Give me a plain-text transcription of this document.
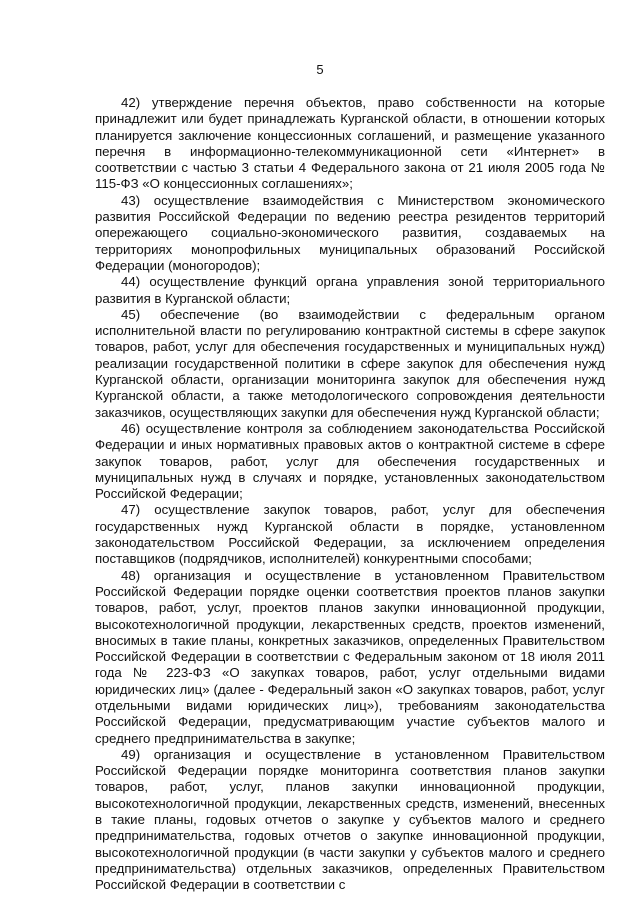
5

42) утверждение перечня объектов, право собственности на которые принадлежит или будет принадлежать Курганской области, в отношении которых планируется заключение концессионных соглашений, и размещение указанного перечня в информационно-телекоммуникационной сети «Интернет» в соответствии с частью 3 статьи 4 Федерального закона от 21 июля 2005 года № 115-ФЗ «О концессионных соглашениях»;

43) осуществление взаимодействия с Министерством экономического развития Российской Федерации по ведению реестра резидентов территорий опережающего социально-экономического развития, создаваемых на территориях монопрофильных муниципальных образований Российской Федерации (моногородов);

44) осуществление функций органа управления зоной территориального развития в Курганской области;

45) обеспечение (во взаимодействии с федеральным органом исполнительной власти по регулированию контрактной системы в сфере закупок товаров, работ, услуг для обеспечения государственных и муниципальных нужд) реализации государственной политики в сфере закупок для обеспечения нужд Курганской области, организации мониторинга закупок для обеспечения нужд Курганской области, а также методологического сопровождения деятельности заказчиков, осуществляющих закупки для обеспечения нужд Курганской области;

46) осуществление контроля за соблюдением законодательства Российской Федерации и иных нормативных правовых актов о контрактной системе в сфере закупок товаров, работ, услуг для обеспечения государственных и муниципальных нужд в случаях и порядке, установленных законодательством Российской Федерации;

47) осуществление закупок товаров, работ, услуг для обеспечения государственных нужд Курганской области в порядке, установленном законодательством Российской Федерации, за исключением определения поставщиков (подрядчиков, исполнителей) конкурентными способами;

48) организация и осуществление в установленном Правительством Российской Федерации порядке оценки соответствия проектов планов закупки товаров, работ, услуг, проектов планов закупки инновационной продукции, высокотехнологичной продукции, лекарственных средств, проектов изменений, вносимых в такие планы, конкретных заказчиков, определенных Правительством Российской Федерации в соответствии с Федеральным законом от 18 июля 2011 года № 223-ФЗ «О закупках товаров, работ, услуг отдельными видами юридических лиц» (далее - Федеральный закон «О закупках товаров, работ, услуг отдельными видами юридических лиц»), требованиям законодательства Российской Федерации, предусматривающим участие субъектов малого и среднего предпринимательства в закупке;

49) организация и осуществление в установленном Правительством Российской Федерации порядке мониторинга соответствия планов закупки товаров, работ, услуг, планов закупки инновационной продукции, высокотехнологичной продукции, лекарственных средств, изменений, внесенных в такие планы, годовых отчетов о закупке у субъектов малого и среднего предпринимательства, годовых отчетов о закупке инновационной продукции, высокотехнологичной продукции (в части закупки у субъектов малого и среднего предпринимательства) отдельных заказчиков, определенных Правительством Российской Федерации в соответствии с
